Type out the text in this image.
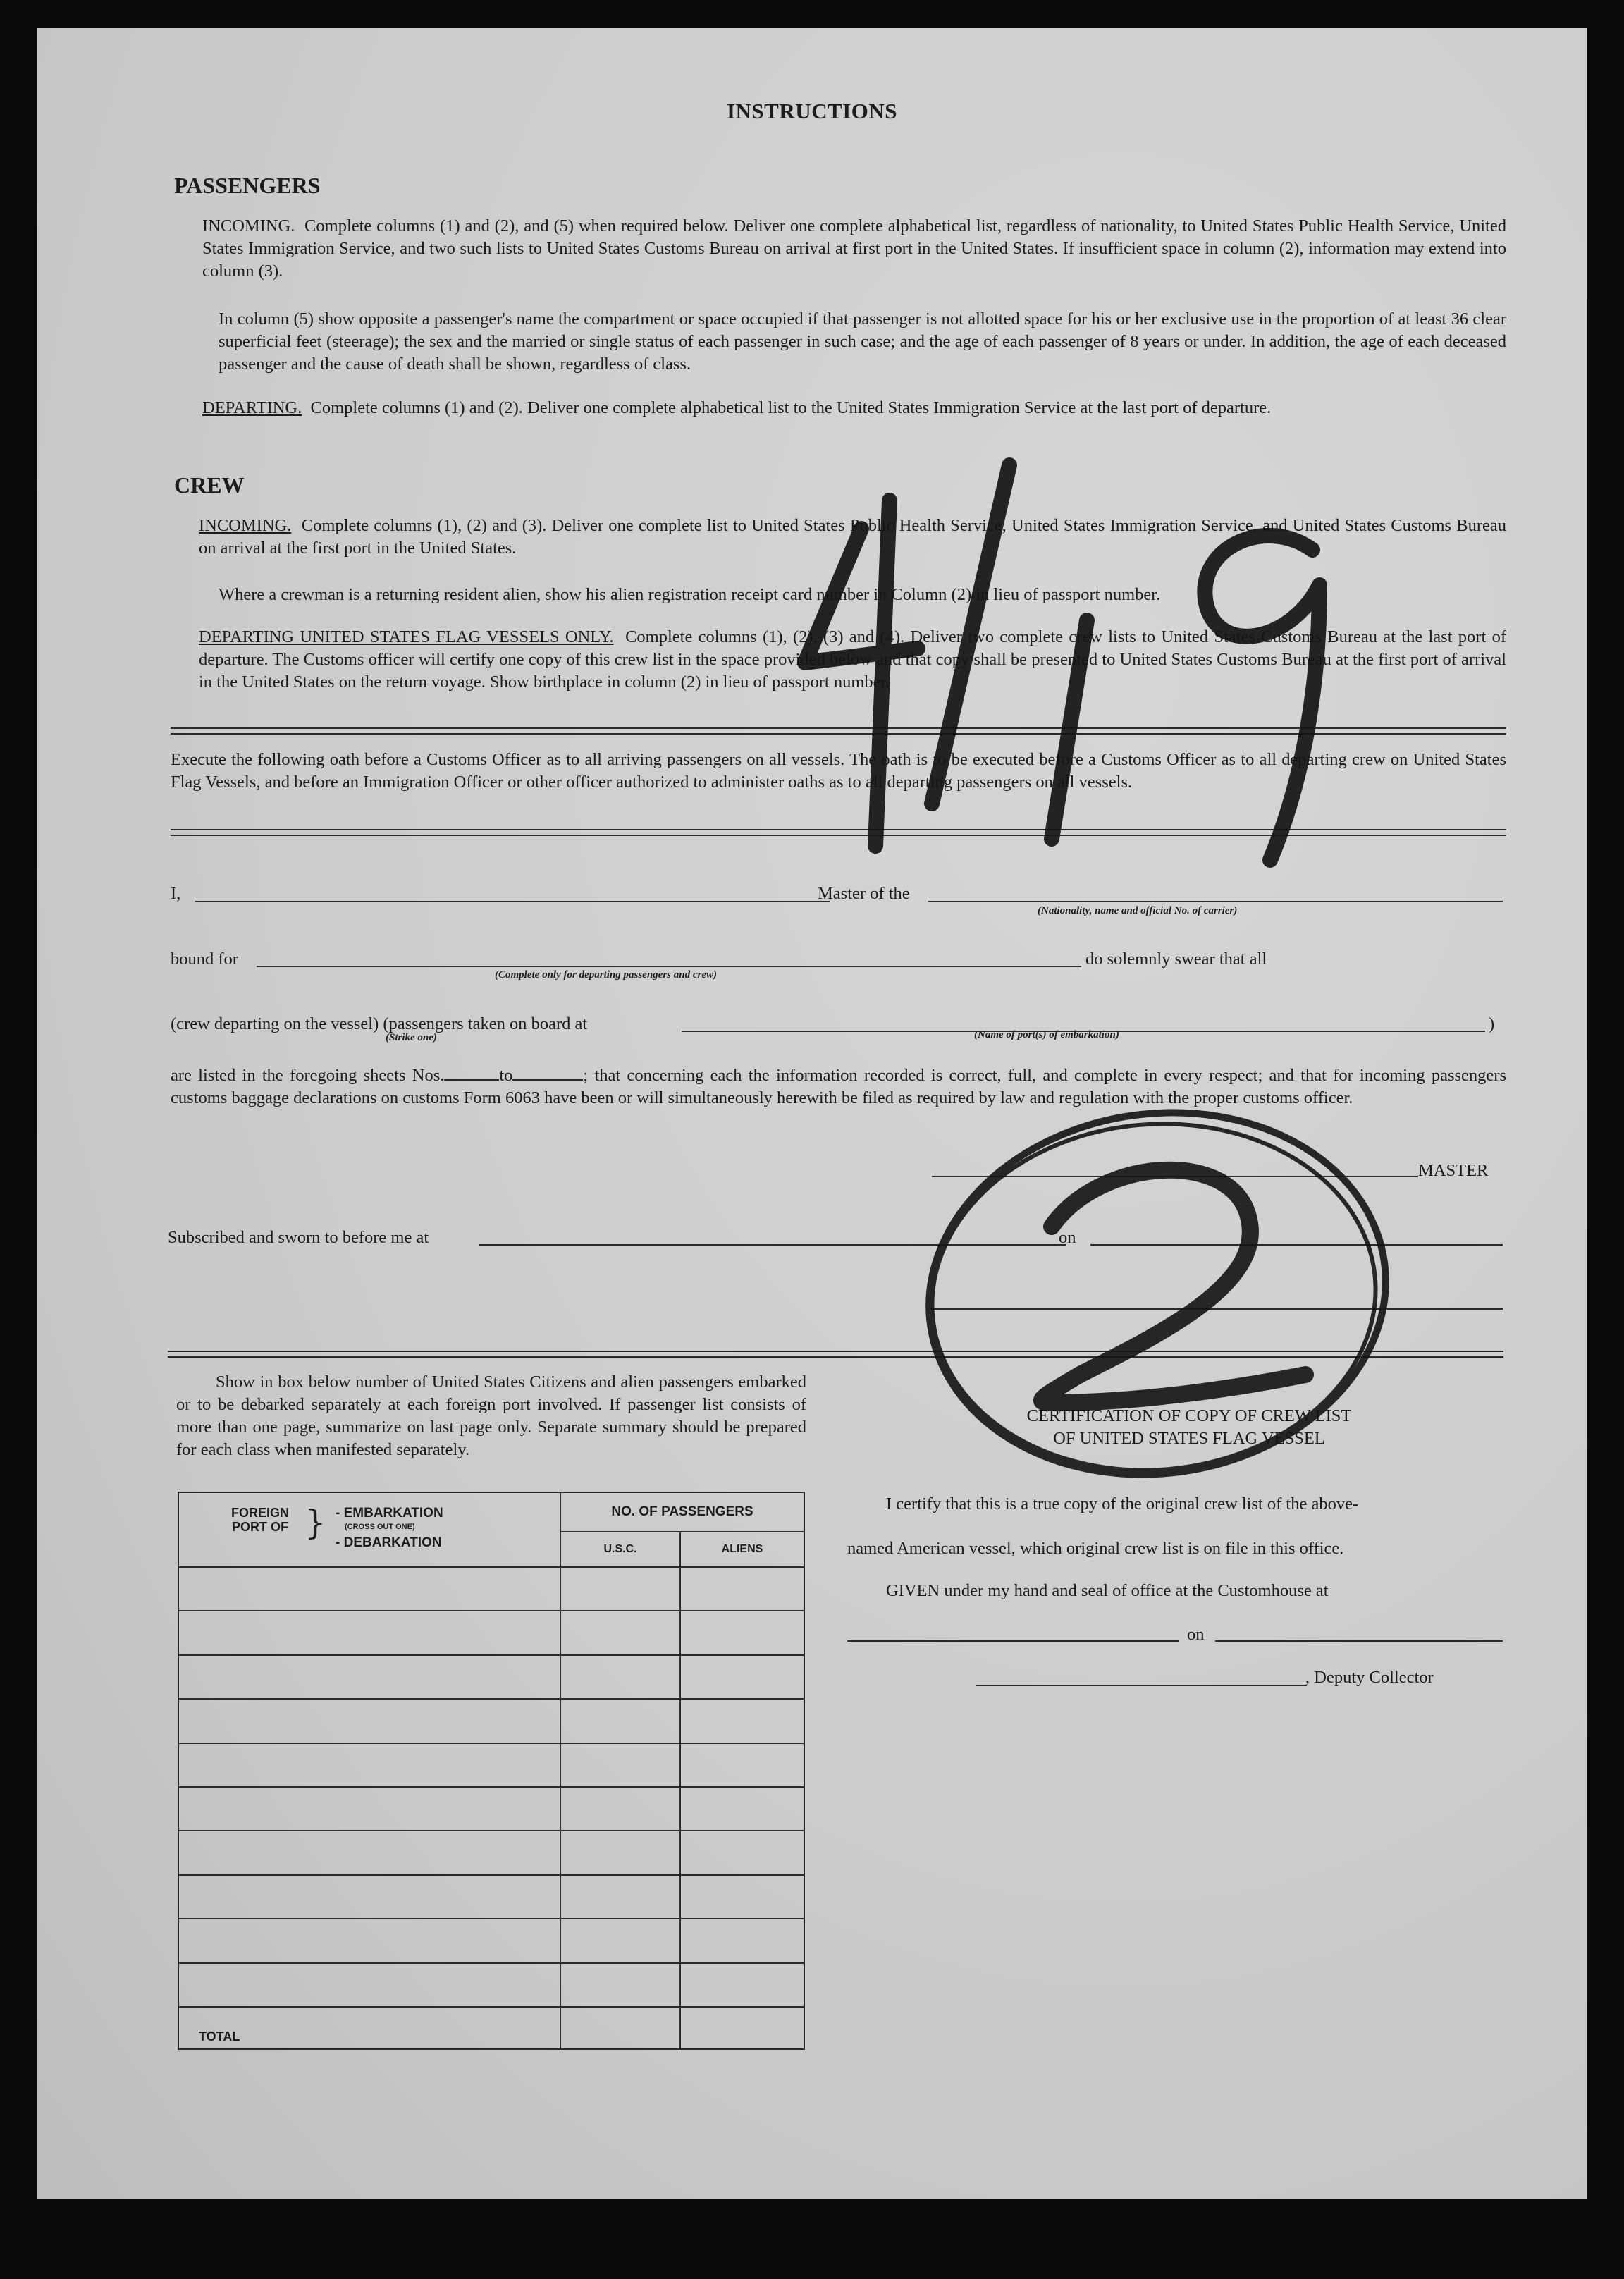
INSTRUCTIONS
PASSENGERS
INCOMING. Complete columns (1) and (2), and (5) when required below. Deliver one complete alphabetical list, regardless of nationality, to United States Public Health Service, United States Immigration Service, and two such lists to United States Customs Bureau on arrival at first port in the United States. If insufficient space in column (2), information may extend into column (3).
In column (5) show opposite a passenger's name the compartment or space occupied if that passenger is not allotted space for his or her exclusive use in the proportion of at least 36 clear superficial feet (steerage); the sex and the married or single status of each passenger in such case; and the age of each passenger of 8 years or under. In addition, the age of each deceased passenger and the cause of death shall be shown, regardless of class.
DEPARTING. Complete columns (1) and (2). Deliver one complete alphabetical list to the United States Immigration Service at the last port of departure.
CREW
INCOMING. Complete columns (1), (2) and (3). Deliver one complete list to United States Public Health Service, United States Immigration Service, and United States Customs Bureau on arrival at the first port in the United States.
Where a crewman is a returning resident alien, show his alien registration receipt card number in Column (2) in lieu of passport number.
DEPARTING UNITED STATES FLAG VESSELS ONLY. Complete columns (1), (2), (3) and (4). Deliver two complete crew lists to United States Customs Bureau at the last port of departure. The Customs officer will certify one copy of this crew list in the space provided below and that copy shall be presented to United States Customs Bureau at the first port of arrival in the United States on the return voyage. Show birthplace in column (2) in lieu of passport number.
Execute the following oath before a Customs Officer as to all arriving passengers on all vessels. The oath is to be executed before a Customs Officer as to all departing crew on United States Flag Vessels, and before an Immigration Officer or other officer authorized to administer oaths as to all departing passengers on all vessels.
I,	Master of the
(Nationality, name and official No. of carrier)
bound for
(Complete only for departing passengers and crew)
do solemnly swear that all
(crew departing on the vessel) (passengers taken on board at	)
(Strike one)	(Name of port(s) of embarkation)
are listed in the foregoing sheets Nos.	to	; that concerning each the information recorded is correct, full, and complete in every respect; and that for incoming passengers customs baggage declarations on customs Form 6063 have been or will simultaneously herewith be filed as required by law and regulation with the proper customs officer.
MASTER
Subscribed and sworn to before me at	on
Show in box below number of United States Citizens and alien passengers embarked or to be debarked separately at each foreign port involved. If passenger list consists of more than one page, summarize on last page only. Separate summary should be prepared for each class when manifested separately.
FOREIGN PORT OF } - EMBARKATION
(CROSS OUT ONE)
- DEBARKATION	NO. OF PASSENGERS	
	U.S.C.	ALIENS

TOTAL		
CERTIFICATION OF COPY OF CREW LIST
OF UNITED STATES FLAG VESSEL
I certify that this is a true copy of the original crew list of the above-
named American vessel, which original crew list is on file in this office.
GIVEN under my hand and seal of office at the Customhouse at
on
, Deputy Collector
